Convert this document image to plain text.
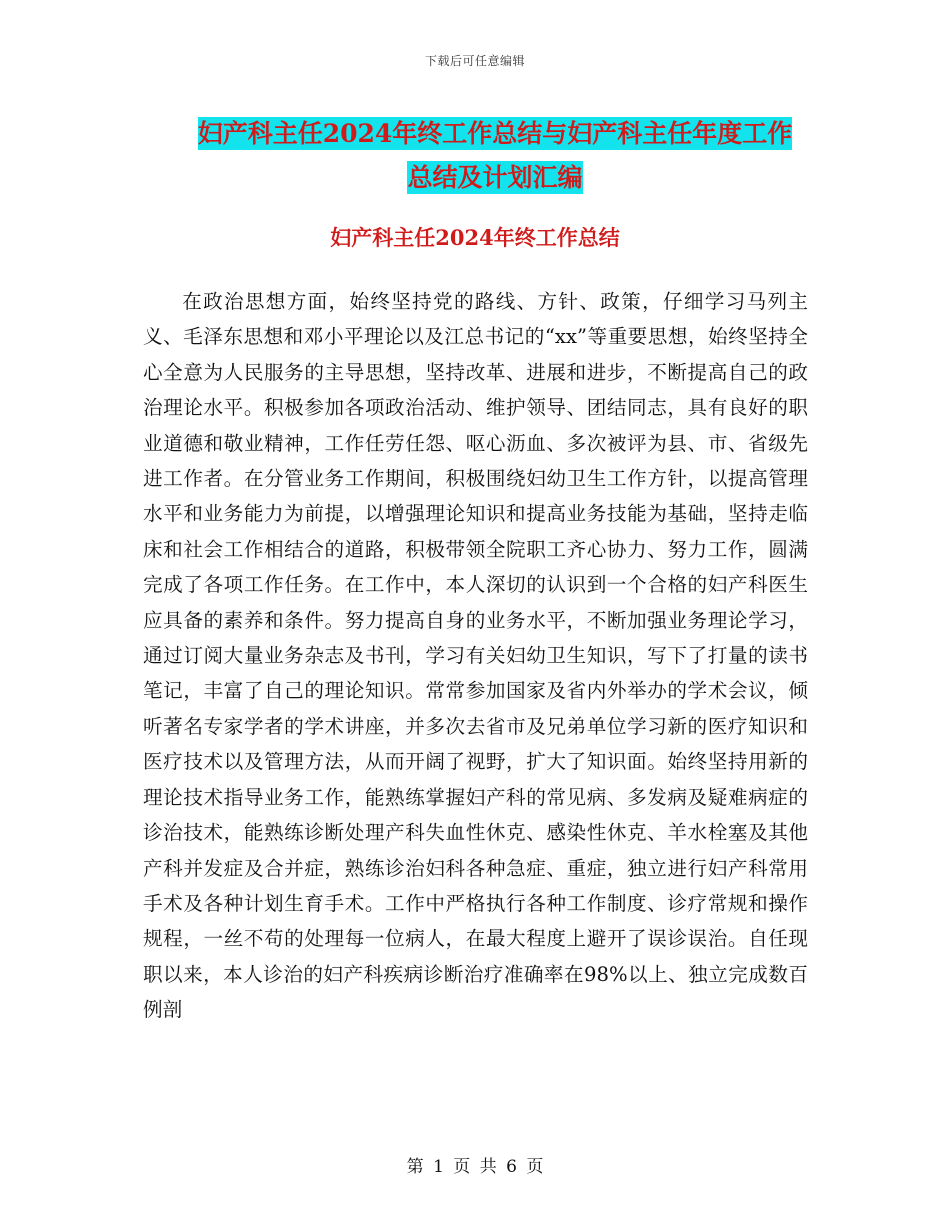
下载后可任意编辑
妇产科主任2024年终工作总结与妇产科主任年度工作
总结及计划汇编
妇产科主任2024年终工作总结

在政治思想方面，始终坚持党的路线、方针、政策，仔细学习马列主义、毛泽东思想和邓小平理论以及江总书记的“xx”等重要思想，始终坚持全心全意为人民服务的主导思想，坚持改革、进展和进步，不断提高自己的政治理论水平。积极参加各项政治活动、维护领导、团结同志，具有良好的职业道德和敬业精神，工作任劳任怨、呕心沥血、多次被评为县、市、省级先进工作者。在分管业务工作期间，积极围绕妇幼卫生工作方针，以提高管理水平和业务能力为前提，以增强理论知识和提高业务技能为基础，坚持走临床和社会工作相结合的道路，积极带领全院职工齐心协力、努力工作，圆满完成了各项工作任务。在工作中，本人深切的认识到一个合格的妇产科医生应具备的素养和条件。努力提高自身的业务水平，不断加强业务理论学习，通过订阅大量业务杂志及书刊，学习有关妇幼卫生知识，写下了打量的读书笔记，丰富了自己的理论知识。常常参加国家及省内外举办的学术会议，倾听著名专家学者的学术讲座，并多次去省市及兄弟单位学习新的医疗知识和医疗技术以及管理方法，从而开阔了视野，扩大了知识面。始终坚持用新的理论技术指导业务工作，能熟练掌握妇产科的常见病、多发病及疑难病症的诊治技术，能熟练诊断处理产科失血性休克、感染性休克、羊水栓塞及其他产科并发症及合并症，熟练诊治妇科各种急症、重症，独立进行妇产科常用手术及各种计划生育手术。工作中严格执行各种工作制度、诊疗常规和操作规程，一丝不苟的处理每一位病人，在最大程度上避开了误诊误治。自任现职以来，本人诊治的妇产科疾病诊断治疗准确率在98%以上、独立完成数百例剖

第 1 页 共 6 页
